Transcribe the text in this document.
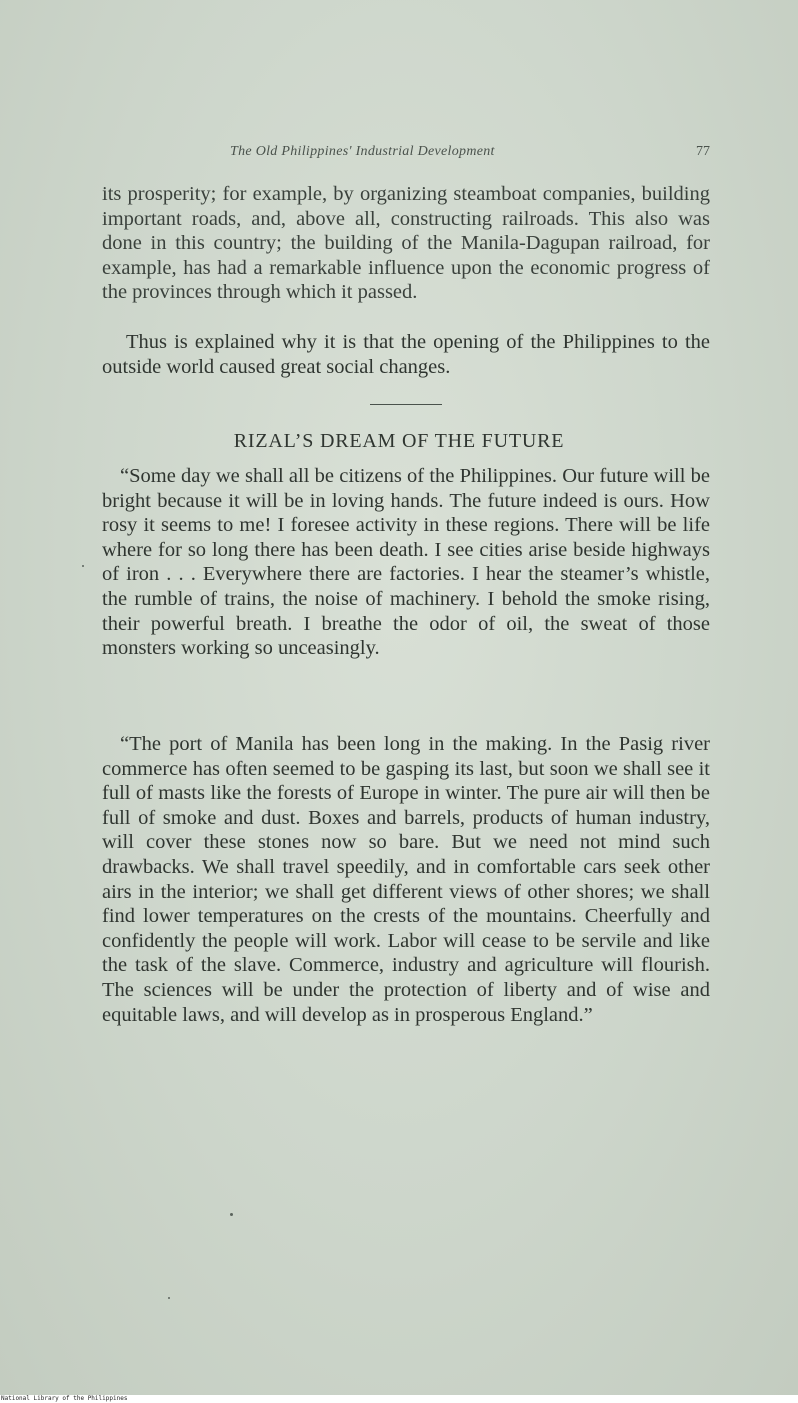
The Old Philippines' Industrial Development	77

its prosperity; for example, by organizing steamboat companies, building important roads, and, above all, constructing railroads. This also was done in this country; the building of the Manila-Dagupan railroad, for example, has had a remarkable influence upon the economic progress of the provinces through which it passed.

Thus is explained why it is that the opening of the Philippines to the outside world caused great social changes.

RIZAL’S DREAM OF THE FUTURE

“Some day we shall all be citizens of the Philippines. Our future will be bright because it will be in loving hands. The future indeed is ours. How rosy it seems to me! I foresee activity in these regions. There will be life where for so long there has been death. I see cities arise beside highways of iron . . . Everywhere there are factories. I hear the steamer’s whistle, the rumble of trains, the noise of machinery. I behold the smoke rising, their powerful breath. I breathe the odor of oil, the sweat of those monsters working so unceasingly.

“The port of Manila has been long in the making. In the Pasig river commerce has often seemed to be gasping its last, but soon we shall see it full of masts like the forests of Europe in winter. The pure air will then be full of smoke and dust. Boxes and barrels, products of human industry, will cover these stones now so bare. But we need not mind such drawbacks. We shall travel speedily, and in comfortable cars seek other airs in the interior; we shall get different views of other shores; we shall find lower temperatures on the crests of the mountains. Cheerfully and confidently the people will work. Labor will cease to be servile and like the task of the slave. Commerce, industry and agriculture will flourish. The sciences will be under the protection of liberty and of wise and equitable laws, and will develop as in prosperous England.”

National Library of the Philippines
